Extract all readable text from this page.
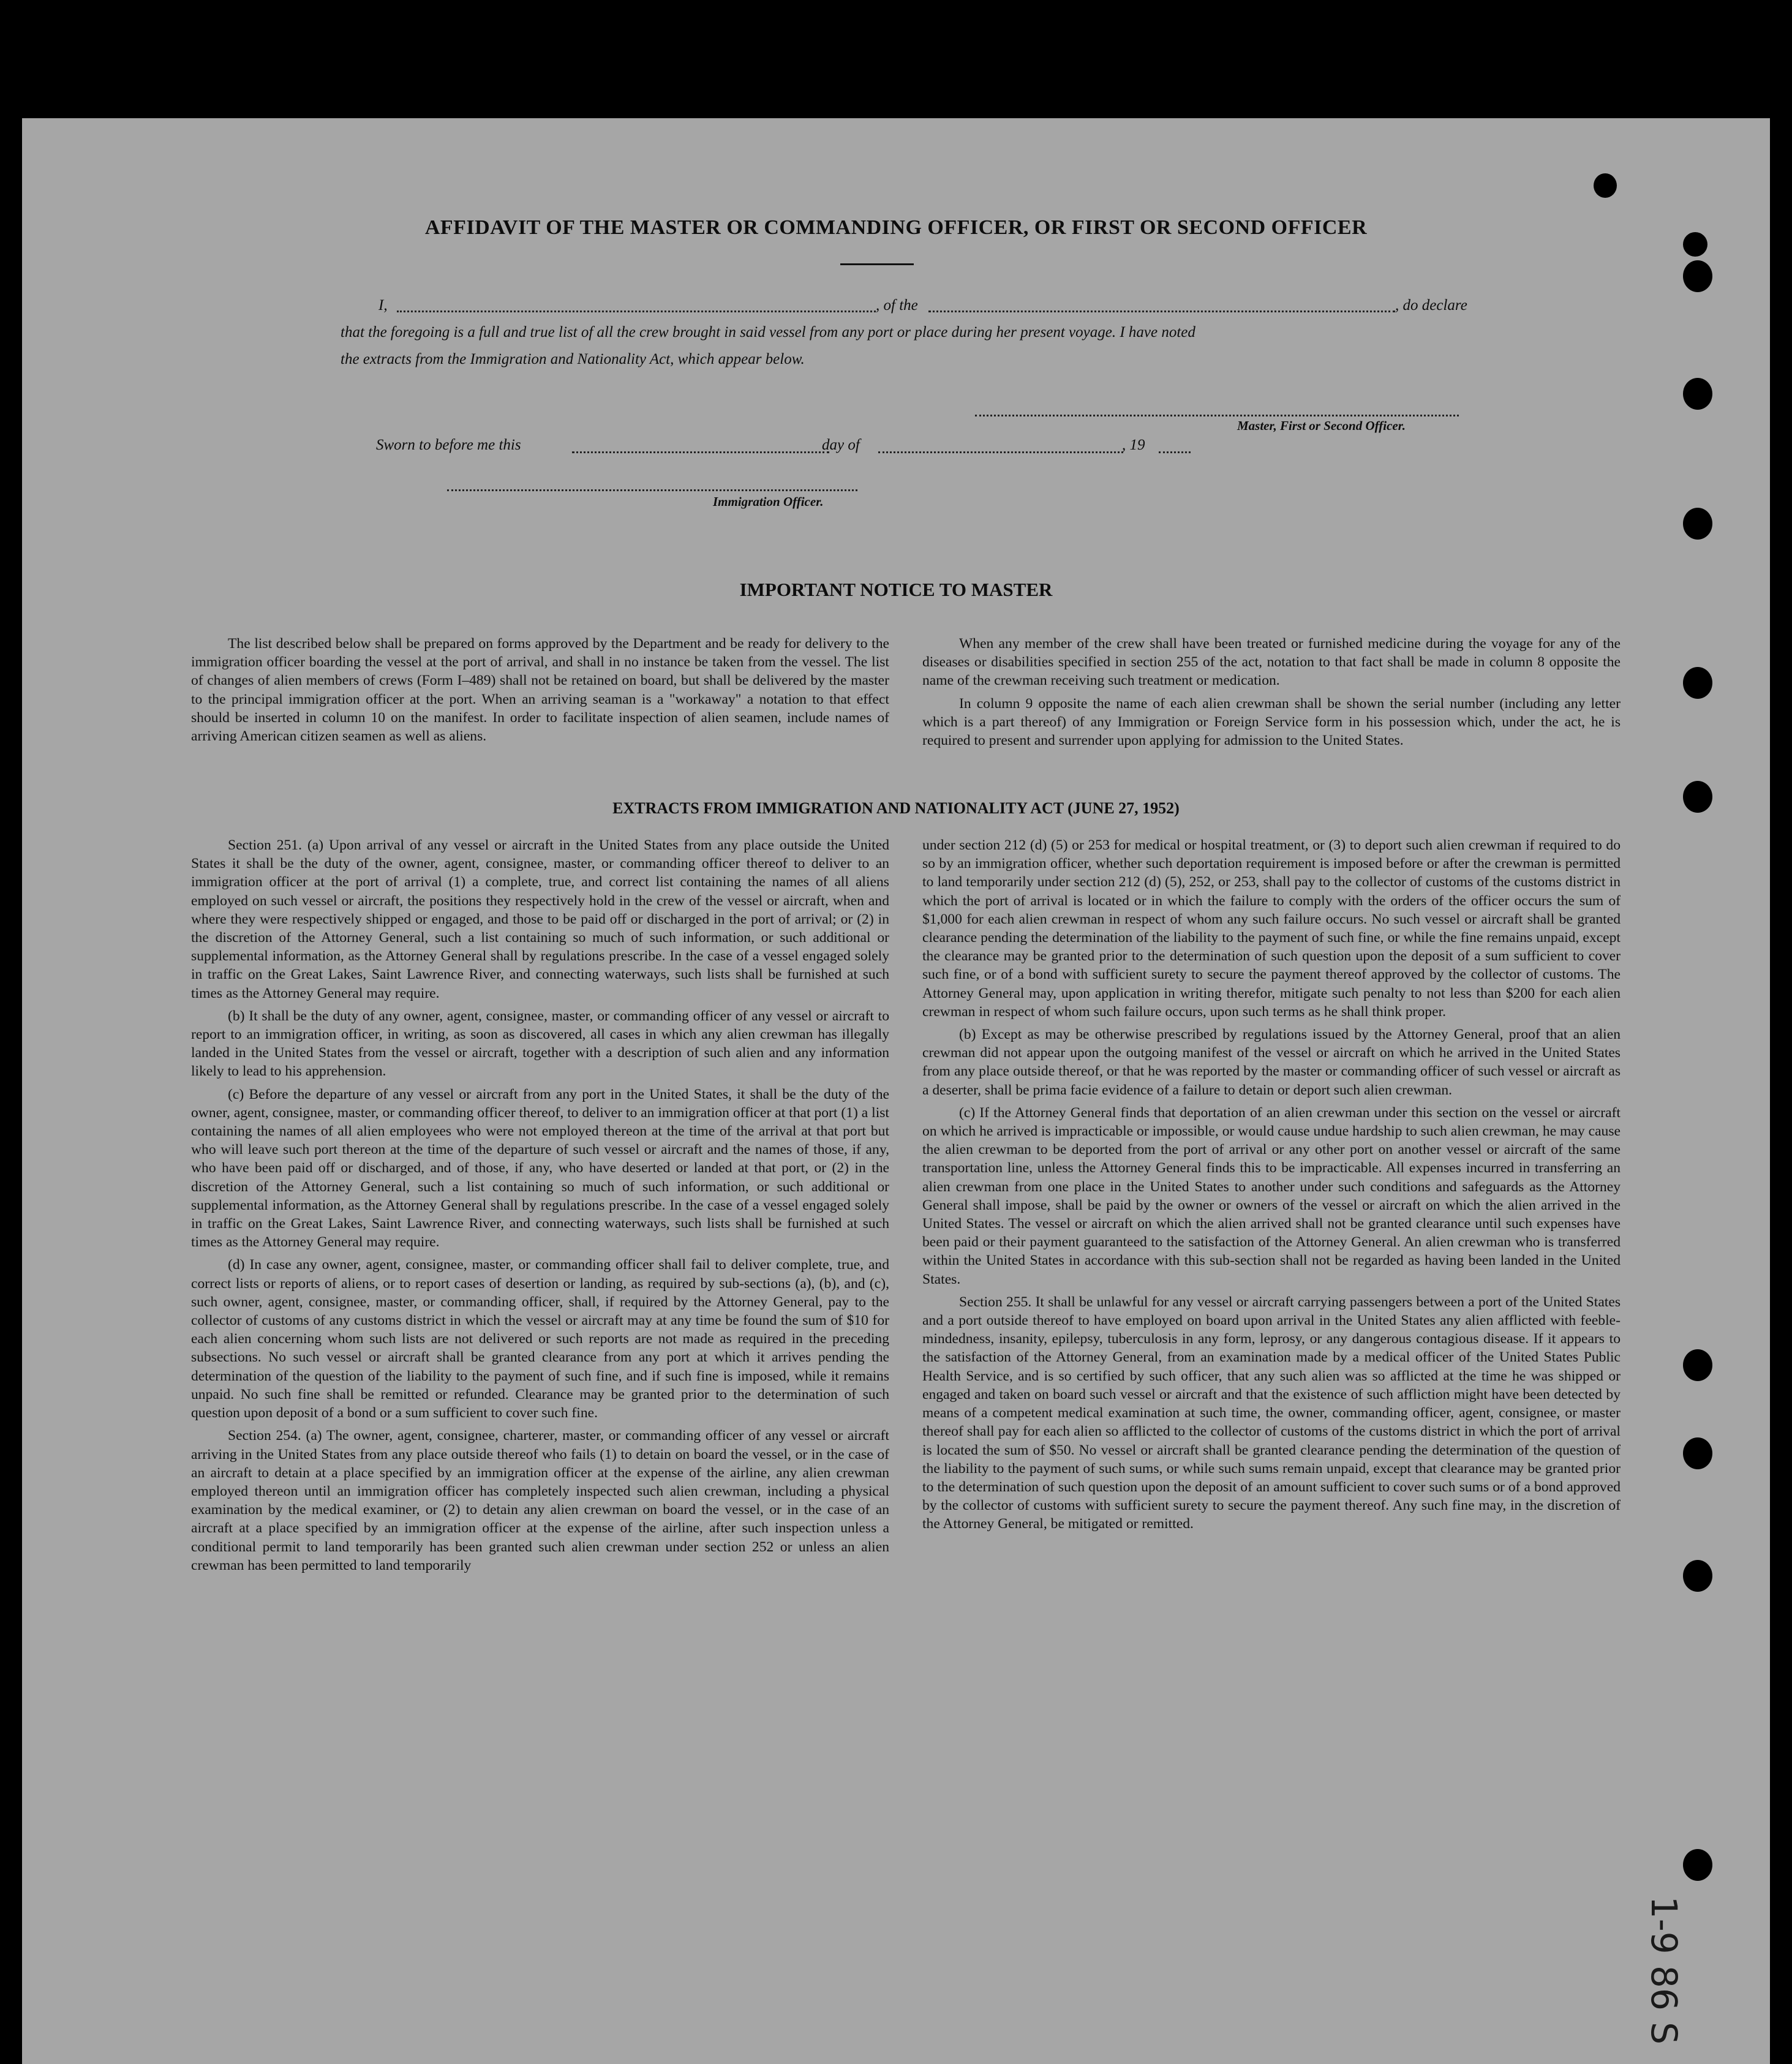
AFFIDAVIT OF THE MASTER OR COMMANDING OFFICER, OR FIRST OR SECOND OFFICER
I,	, of the	, do declare
that the foregoing is a full and true list of all the crew brought in said vessel from any port or place during her present voyage. I have noted
the extracts from the Immigration and Nationality Act, which appear below.
Master, First or Second Officer.
Sworn to before me this	day of	, 19
Immigration Officer.
IMPORTANT NOTICE TO MASTER

The list described below shall be prepared on forms approved by the Department and be ready for delivery to the immigration officer boarding the vessel at the port of arrival, and shall in no instance be taken from the vessel. The list of changes of alien members of crews (Form I–489) shall not be retained on board, but shall be delivered by the master to the principal immigration officer at the port. When an arriving seaman is a "workaway" a notation to that effect should be inserted in column 10 on the manifest. In order to facilitate inspection of alien seamen, include names of arriving American citizen seamen as well as aliens.

When any member of the crew shall have been treated or furnished medicine during the voyage for any of the diseases or disabilities specified in section 255 of the act, notation to that fact shall be made in column 8 opposite the name of the crewman receiving such treatment or medication.

In column 9 opposite the name of each alien crewman shall be shown the serial number (including any letter which is a part thereof) of any Immigration or Foreign Service form in his possession which, under the act, he is required to present and surrender upon applying for admission to the United States.

EXTRACTS FROM IMMIGRATION AND NATIONALITY ACT (JUNE 27, 1952)

Section 251. (a) Upon arrival of any vessel or aircraft in the United States from any place outside the United States it shall be the duty of the owner, agent, consignee, master, or commanding officer thereof to deliver to an immigration officer at the port of arrival (1) a complete, true, and correct list containing the names of all aliens employed on such vessel or aircraft, the positions they respectively hold in the crew of the vessel or aircraft, when and where they were respectively shipped or engaged, and those to be paid off or discharged in the port of arrival; or (2) in the discretion of the Attorney General, such a list containing so much of such information, or such additional or supplemental information, as the Attorney General shall by regulations prescribe. In the case of a vessel engaged solely in traffic on the Great Lakes, Saint Lawrence River, and connecting waterways, such lists shall be furnished at such times as the Attorney General may require.

(b) It shall be the duty of any owner, agent, consignee, master, or commanding officer of any vessel or aircraft to report to an immigration officer, in writing, as soon as discovered, all cases in which any alien crewman has illegally landed in the United States from the vessel or aircraft, together with a description of such alien and any information likely to lead to his apprehension.

(c) Before the departure of any vessel or aircraft from any port in the United States, it shall be the duty of the owner, agent, consignee, master, or commanding officer thereof, to deliver to an immigration officer at that port (1) a list containing the names of all alien employees who were not employed thereon at the time of the arrival at that port but who will leave such port thereon at the time of the departure of such vessel or aircraft and the names of those, if any, who have been paid off or discharged, and of those, if any, who have deserted or landed at that port, or (2) in the discretion of the Attorney General, such a list containing so much of such information, or such additional or supplemental information, as the Attorney General shall by regulations prescribe. In the case of a vessel engaged solely in traffic on the Great Lakes, Saint Lawrence River, and connecting waterways, such lists shall be furnished at such times as the Attorney General may require.

(d) In case any owner, agent, consignee, master, or commanding officer shall fail to deliver complete, true, and correct lists or reports of aliens, or to report cases of desertion or landing, as required by sub-sections (a), (b), and (c), such owner, agent, consignee, master, or commanding officer, shall, if required by the Attorney General, pay to the collector of customs of any customs district in which the vessel or aircraft may at any time be found the sum of $10 for each alien concerning whom such lists are not delivered or such reports are not made as required in the preceding subsections. No such vessel or aircraft shall be granted clearance from any port at which it arrives pending the determination of the question of the liability to the payment of such fine, and if such fine is imposed, while it remains unpaid. No such fine shall be remitted or refunded. Clearance may be granted prior to the determination of such question upon deposit of a bond or a sum sufficient to cover such fine.

Section 254. (a) The owner, agent, consignee, charterer, master, or commanding officer of any vessel or aircraft arriving in the United States from any place outside thereof who fails (1) to detain on board the vessel, or in the case of an aircraft to detain at a place specified by an immigration officer at the expense of the airline, any alien crewman employed thereon until an immigration officer has completely inspected such alien crewman, including a physical examination by the medical examiner, or (2) to detain any alien crewman on board the vessel, or in the case of an aircraft at a place specified by an immigration officer at the expense of the airline, after such inspection unless a conditional permit to land temporarily has been granted such alien crewman under section 252 or unless an alien crewman has been permitted to land temporarily

under section 212 (d) (5) or 253 for medical or hospital treatment, or (3) to deport such alien crewman if required to do so by an immigration officer, whether such deportation requirement is imposed before or after the crewman is permitted to land temporarily under section 212 (d) (5), 252, or 253, shall pay to the collector of customs of the customs district in which the port of arrival is located or in which the failure to comply with the orders of the officer occurs the sum of $1,000 for each alien crewman in respect of whom any such failure occurs. No such vessel or aircraft shall be granted clearance pending the determination of the liability to the payment of such fine, or while the fine remains unpaid, except the clearance may be granted prior to the determination of such question upon the deposit of a sum sufficient to cover such fine, or of a bond with sufficient surety to secure the payment thereof approved by the collector of customs. The Attorney General may, upon application in writing therefor, mitigate such penalty to not less than $200 for each alien crewman in respect of whom such failure occurs, upon such terms as he shall think proper.

(b) Except as may be otherwise prescribed by regulations issued by the Attorney General, proof that an alien crewman did not appear upon the outgoing manifest of the vessel or aircraft on which he arrived in the United States from any place outside thereof, or that he was reported by the master or commanding officer of such vessel or aircraft as a deserter, shall be prima facie evidence of a failure to detain or deport such alien crewman.

(c) If the Attorney General finds that deportation of an alien crewman under this section on the vessel or aircraft on which he arrived is impracticable or impossible, or would cause undue hardship to such alien crewman, he may cause the alien crewman to be deported from the port of arrival or any other port on another vessel or aircraft of the same transportation line, unless the Attorney General finds this to be impracticable. All expenses incurred in transferring an alien crewman from one place in the United States to another under such conditions and safeguards as the Attorney General shall impose, shall be paid by the owner or owners of the vessel or aircraft on which the alien arrived in the United States. The vessel or aircraft on which the alien arrived shall not be granted clearance until such expenses have been paid or their payment guaranteed to the satisfaction of the Attorney General. An alien crewman who is transferred within the United States in accordance with this sub-section shall not be regarded as having been landed in the United States.

Section 255. It shall be unlawful for any vessel or aircraft carrying passengers between a port of the United States and a port outside thereof to have employed on board upon arrival in the United States any alien afflicted with feeble-mindedness, insanity, epilepsy, tuberculosis in any form, leprosy, or any dangerous contagious disease. If it appears to the satisfaction of the Attorney General, from an examination made by a medical officer of the United States Public Health Service, and is so certified by such officer, that any such alien was so afflicted at the time he was shipped or engaged and taken on board such vessel or aircraft and that the existence of such affliction might have been detected by means of a competent medical examination at such time, the owner, commanding officer, agent, consignee, or master thereof shall pay for each alien so afflicted to the collector of customs of the customs district in which the port of arrival is located the sum of $50. No vessel or aircraft shall be granted clearance pending the determination of the question of the liability to the payment of such sums, or while such sums remain unpaid, except that clearance may be granted prior to the determination of such question upon the deposit of an amount sufficient to cover such sums or of a bond approved by the collector of customs with sufficient surety to secure the payment thereof. Any such fine may, in the discretion of the Attorney General, be mitigated or remitted.

1-9 86 S
